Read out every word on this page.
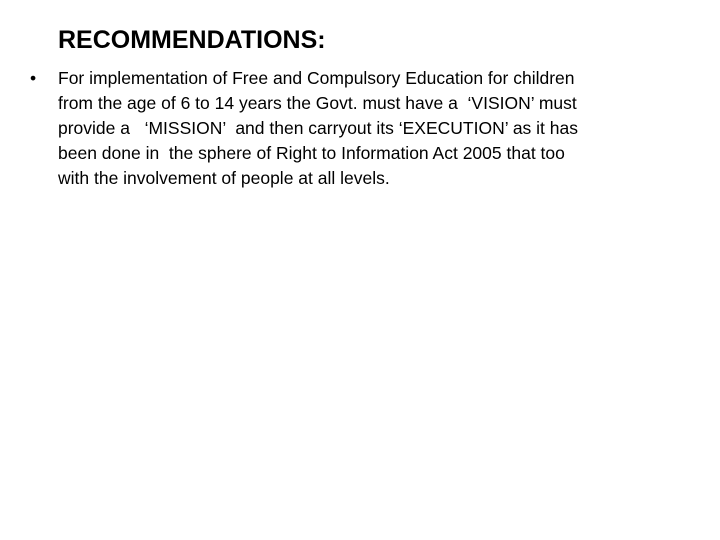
RECOMMENDATIONS:
•	For implementation of Free and Compulsory Education for children
from the age of 6 to 14 years the Govt. must have a  ‘VISION’ must
provide a   ‘MISSION’  and then carryout its ‘EXECUTION’ as it has
been done in  the sphere of Right to Information Act 2005 that too
with the involvement of people at all levels.
